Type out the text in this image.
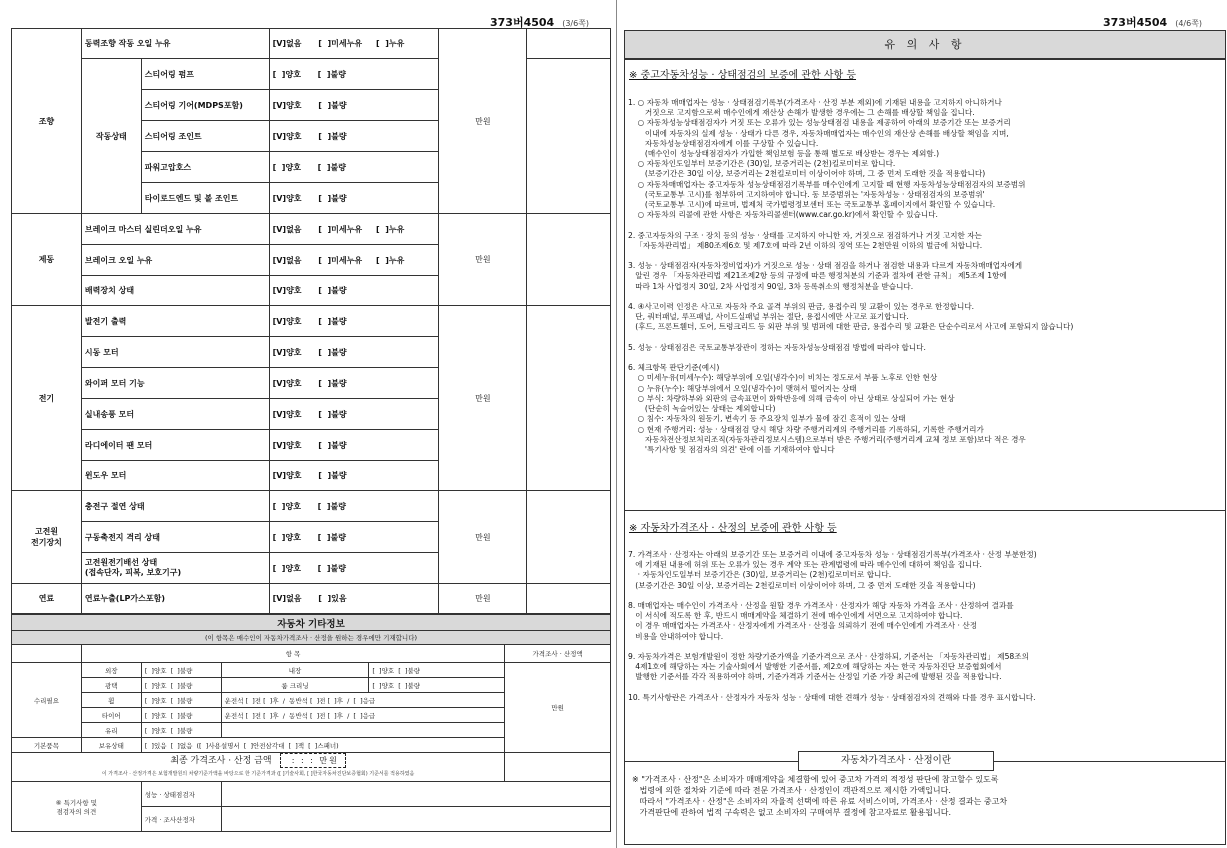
373버4504 (3/6쪽)
조향	동력조향 작동 오일 누유		[V]없음      [  ]미세누유     [  ]누유	만원	
	작동상태	스티어링 펌프	[  ]양호      [  ]불량		
		스티어링 기어(MDPS포함)	[V]양호      [  ]불량		
		스티어링 조인트	[V]양호      [  ]불량		
		파워고압호스	[  ]양호      [  ]불량		
		타이로드엔드 및 볼 조인트	[V]양호      [  ]불량		
제동	브레이크 마스터 실린더오일 누유		[V]없음      [  ]미세누유     [  ]누유	만원	
	브레이크 오일 누유		[V]없음      [  ]미세누유     [  ]누유		
	배력장치 상태		[V]양호      [  ]불량		
전기	발전기 출력		[V]양호      [  ]불량	만원	
	시동 모터		[V]양호      [  ]불량		
	와이퍼 모터 기능		[V]양호      [  ]불량		
	실내송풍 모터		[V]양호      [  ]불량		
	라디에이터 팬 모터		[V]양호      [  ]불량		
	윈도우 모터		[V]양호      [  ]불량		
고전원
전기장치	충전구 절연 상태		[  ]양호      [  ]불량	만원	
	구동축전지 격리 상태		[  ]양호      [  ]불량		
	고전원전기배선 상태
(접속단자, 피복, 보호기구)		[  ]양호      [  ]불량		
연료	연료누출(LP가스포함)		[V]없음      [  ]있음	만원	
자동차 기타정보					
(이 항목은 매수인이 자동차가격조사 · 산정을 원하는 경우에만 기재합니다)					
	항 목				가격조사 · 산정액
수리필요	외장	[  ]양호  [  ]불량	내장	[  ]양호  [  ]불량	만원
	광택	[  ]양호  [  ]불량	룸 크리닝	[  ]양호  [  ]불량	
	휠	[  ]양호  [  ]불량	운전석 [  ]전 [  ]후  /  동반석 [  ]전 [  ]후  /  [  ]응급		
	타이어	[  ]양호  [  ]불량	운전석 [  ]전 [  ]후  /  동반석 [  ]전 [  ]후  /  [  ]응급		
	유리	[  ]양호  [  ]불량			
기본품목	보유상태	[  ]있음  [  ]없음  ([  ]사용설명서  [  ]안전삼각대  [  ]잭  [  ]스패너)			
최종 가격조사 · 산정 금액    : : : 만원
이 가격조사 · 산정가격은 보험개발원의 차량기준가액을 바탕으로 한 기준가격과 ([ ]기술사회, [ ]한국자동차진단보증협회) 기준서를 적용하였음					

⑥ 특기사항 및
점검자의 의견		성능 · 상태점검자			
		가격 · 조사산정자			
373버4504 (4/6쪽)
유 의 사 항
※ 중고자동차성능 · 상태점검의 보증에 관한 사항 등
1. ○ 자동차 매매업자는 성능 · 상태점검기록부(가격조사 · 산정 부분 제외)에 기재된 내용을 고지하지 아니하거나
거짓으로 고지함으로써 매수인에게 재산상 손해가 발생한 경우에는 그 손해를 배상할 책임을 집니다.
○ 자동차성능상태점검자가 거짓 또는 오류가 있는 성능상태점검 내용을 제공하여 아래의 보증기간 또는 보증거리
이내에 자동차의 실제 성능 · 상태가 다른 경우, 자동차매매업자는 매수인의 재산상 손해를 배상할 책임을 지며,
자동차성능상태점검자에게 이를 구상할 수 있습니다.
(매수인이 성능상태점검자가 가입한 책임보험 등을 통해 별도로 배상받는 경우는 제외함.)
○ 자동차인도일부터 보증기간은 (30)일, 보증거리는 (2천)킬로미터로 합니다.
(보증기간은 30일 이상, 보증거리는 2천킬로미터 이상이어야 하며, 그 중 먼저 도래한 것을 적용합니다)
○ 자동차매매업자는 중고자동차 성능상태점검기록부를 매수인에게 고지할 때 현행 자동차성능상태점검자의 보증범위
(국토교통부 고시)를 첨부하여 고지하여야 합니다. 동 보증범위는 '자동차성능 · 상태점검자의 보증범위'
(국토교통부 고시)에 따르며, 법제처 국가법령정보센터 또는 국토교통부 홈페이지에서 확인할 수 있습니다.
○ 자동차의 리콜에 관한 사항은 자동차리콜센터(www.car.go.kr)에서 확인할 수 있습니다.

2. 중고자동차의 구조 · 장치 등의 성능 · 상태를 고지하지 아니한 자, 거짓으로 점검하거나 거짓 고지한 자는
「자동차관리법」 제80조제6호 및 제7호에 따라 2년 이하의 징역 또는 2천만원 이하의 벌금에 처합니다.

3. 성능 · 상태점검자(자동차정비업자)가 거짓으로 성능 · 상태 점검을 하거나 점검한 내용과 다르게 자동차매매업자에게
알린 경우 「자동차관리법 제21조제2항 등의 규정에 따른 행정처분의 기준과 절차에 관한 규칙」 제5조제 1항에
따라 1차 사업정지 30일, 2차 사업정지 90일, 3차 등록취소의 행정처분을 받습니다.

4. ④사고이력 인정은 사고로 자동차 주요 골격 부위의 판금, 용접수리 및 교환이 있는 경우로 한정합니다.
단, 쿼터패널, 루프패널, 사이드실패널 부위는 절단, 용접시에만 사고로 표기합니다.
(후드, 프론트휀더, 도어, 트렁크리드 등 외판 부위 및 범퍼에 대한 판금, 용접수리 및 교환은 단순수리로서 사고에 포함되지 않습니다)

5. 성능 · 상태점검은 국토교통부장관이 정하는 자동차성능상태점검 방법에 따라야 합니다.

6. 체크항목 판단기준(예시)
○ 미세누유(미세누수): 해당부위에 오일(냉각수)이 비치는 정도로서 부품 노후로 인한 현상
○ 누유(누수): 해당부위에서 오일(냉각수)이 맺혀서 떨어지는 상태
○ 부식: 차량하부와 외판의 금속표면이 화학반응에 의해 금속이 아닌 상태로 상실되어 가는 현상
(단순히 녹슬어있는 상태는 제외합니다)
○ 침수: 자동차의 원동기, 변속기 등 주요장치 일부가 물에 잠긴 흔적이 있는 상태
○ 현재 주행거리: 성능 · 상태점검 당시 해당 차량 주행거리계의 주행거리를 기록하되, 기록한 주행거리가
자동차전산정보처리조직(자동차관리정보시스템)으로부터 받은 주행거리(주행거리계 교체 정보 포함)보다 적은 경우
'특기사항 및 점검자의 의견' 란에 이를 기재하여야 합니다
※ 자동차가격조사 · 산정의 보증에 관한 사항 등
7. 가격조사 · 산정자는 아래의 보증기간 또는 보증거리 이내에 중고자동차 성능 · 상태점검기록부(가격조사 · 산정 부분한정)
에 기재된 내용에 허위 또는 오류가 있는 경우 계약 또는 관계법령에 따라 매수인에 대하여 책임을 집니다.
· 자동차인도일부터 보증기간은 (30)일, 보증거리는 (2천)킬로미터로 합니다.
(보증기간은 30일 이상, 보증거리는 2천킬로미터 이상이어야 하며, 그 중 먼저 도래한 것을 적용합니다)

8. 매매업자는 매수인이 가격조사 · 산정을 원할 경우 가격조사 · 산정자가 해당 자동차 가격을 조사 · 산정하여 결과를
이 서식에 적도록 한 후, 반드시 매매계약을 체결하기 전에 매수인에게 서면으로 고지하여야 합니다.
이 경우 매매업자는 가격조사 · 산정자에게 가격조사 · 산정을 의뢰하기 전에 매수인에게 가격조사 · 산정
비용을 안내하여야 합니다.

9. 자동차가격은 보험개발원이 정한 차량기준가액을 기준가격으로 조사 · 산정하되, 기준서는 「자동차관리법」 제58조의
4제1호에 해당하는 자는 기술사회에서 발행한 기준서를, 제2호에 해당하는 자는 한국 자동차진단 보증협회에서
발행한 기준서를 각각 적용하여야 하며, 기준가격과 기준서는 산정일 기준 가장 최근에 발행된 것을 적용합니다.

10. 특기사항란은 가격조사 · 산정자가 자동차 성능 · 상태에 대한 견해가 성능 · 상태점검자의 견해와 다를 경우 표시합니다.
자동차가격조사 · 산정이란
※ "가격조사 · 산정"은 소비자가 매매계약을 체결함에 있어 중고차 가격의 적정성 판단에 참고할수 있도록
법령에 의한 절차와 기준에 따라 전문 가격조사 · 산정인이 객관적으로 제시한 가액입니다.
따라서 "가격조사 · 산정"은 소비자의 자율적 선택에 따른 유료 서비스이며, 가격조사 · 산정 결과는 중고차
가격판단에 관하여 법적 구속력은 없고 소비자의 구매여부 결정에 참고자료로 활용됩니다.
